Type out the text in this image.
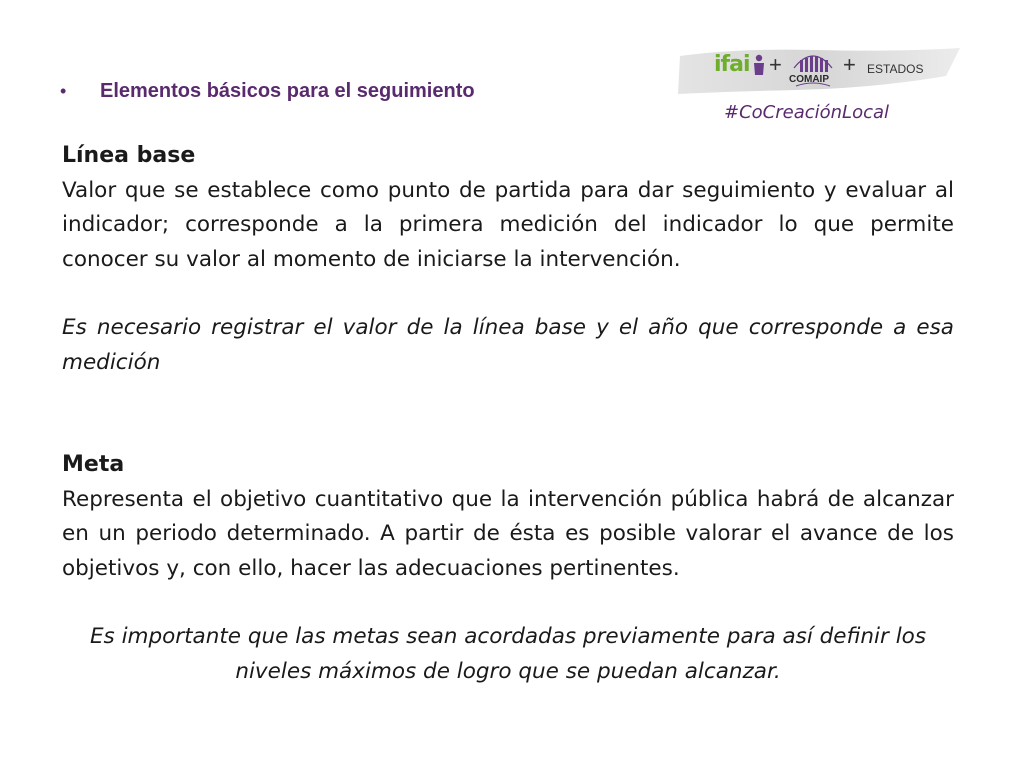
•	Elementos básicos para el seguimiento
ifai +
COMAIP
+ ESTADOS
#CoCreaciónLocal

Línea base

Valor que se establece como punto de partida para dar seguimiento y evaluar al indicador; corresponde a la primera medición del indicador lo que permite conocer su valor al momento de iniciarse la intervención.

Es necesario registrar el valor de la línea base y el año que corresponde a esa medición

Meta

Representa el objetivo cuantitativo que la intervención pública habrá de alcanzar en un periodo determinado. A partir de ésta es posible valorar el avance de los objetivos y, con ello, hacer las adecuaciones pertinentes.

Es importante que las metas sean acordadas previamente para así definir los niveles máximos de logro que se puedan alcanzar.
